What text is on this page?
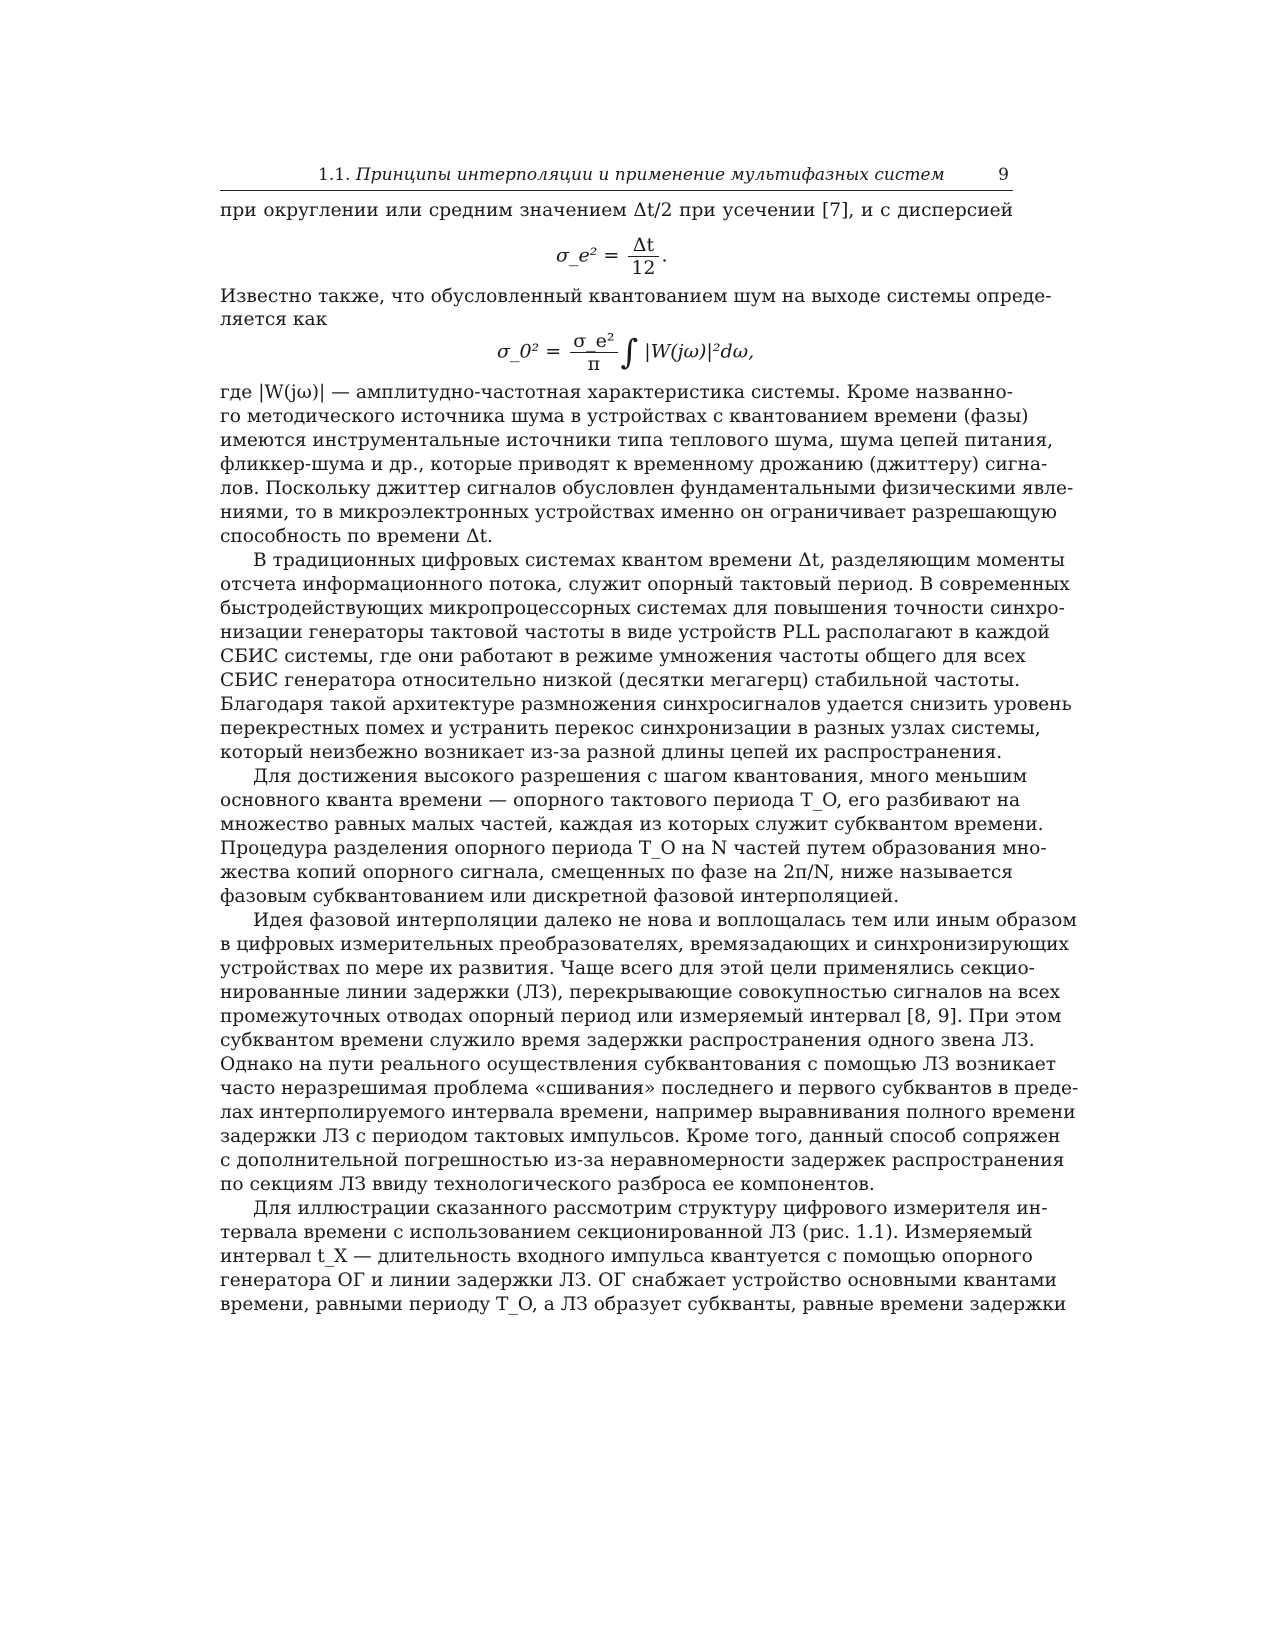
1.1. Принципы интерполяции и применение мультифазных систем	9
при округлении или средним значением Δt/2 при усечении [7], и с дисперсией
σ_e² = $\frac{\Delta t}{12}$ .
Известно также, что обусловленный квантованием шум на выходе системы опреде-
ляется как
σ_0² = $\frac{\text{σ\_e²}}{\pi}$ ∫ |W(jω)|²dω,
где |W(jω)| — амплитудно-частотная характеристика системы. Кроме названно-
го методического источника шума в устройствах с квантованием времени (фазы)
имеются инструментальные источники типа теплового шума, шума цепей питания,
фликкер-шума и др., которые приводят к временному дрожанию (джиттеру) сигна-
лов. Поскольку джиттер сигналов обусловлен фундаментальными физическими явле-
ниями, то в микроэлектронных устройствах именно он ограничивает разрешающую
способность по времени Δt.
В традиционных цифровых системах квантом времени Δt, разделяющим моменты
отсчета информационного потока, служит опорный тактовый период. В современных
быстродействующих микропроцессорных системах для повышения точности синхро-
низации генераторы тактовой частоты в виде устройств PLL располагают в каждой
СБИС системы, где они работают в режиме умножения частоты общего для всех
СБИС генератора относительно низкой (десятки мегагерц) стабильной частоты.
Благодаря такой архитектуре размножения синхросигналов удается снизить уровень
перекрестных помех и устранить перекос синхронизации в разных узлах системы,
который неизбежно возникает из-за разной длины цепей их распространения.
Для достижения высокого разрешения с шагом квантования, много меньшим
основного кванта времени — опорного тактового периода T_O, его разбивают на
множество равных малых частей, каждая из которых служит субквантом времени.
Процедура разделения опорного периода T_O на N частей путем образования мно-
жества копий опорного сигнала, смещенных по фазе на 2π/N, ниже называется
фазовым субквантованием или дискретной фазовой интерполяцией.
Идея фазовой интерполяции далеко не нова и воплощалась тем или иным образом
в цифровых измерительных преобразователях, времязадающих и синхронизирующих
устройствах по мере их развития. Чаще всего для этой цели применялись секцио-
нированные линии задержки (ЛЗ), перекрывающие совокупностью сигналов на всех
промежуточных отводах опорный период или измеряемый интервал [8, 9]. При этом
субквантом времени служило время задержки распространения одного звена ЛЗ.
Однако на пути реального осуществления субквантования с помощью ЛЗ возникает
часто неразрешимая проблема «сшивания» последнего и первого субквантов в преде-
лах интерполируемого интервала времени, например выравнивания полного времени
задержки ЛЗ с периодом тактовых импульсов. Кроме того, данный способ сопряжен
с дополнительной погрешностью из-за неравномерности задержек распространения
по секциям ЛЗ ввиду технологического разброса ее компонентов.
Для иллюстрации сказанного рассмотрим структуру цифрового измерителя ин-
тервала времени с использованием секционированной ЛЗ (рис. 1.1). Измеряемый
интервал t_X — длительность входного импульса квантуется с помощью опорного
генератора ОГ и линии задержки ЛЗ. ОГ снабжает устройство основными квантами
времени, равными периоду T_O, а ЛЗ образует субкванты, равные времени задержки
